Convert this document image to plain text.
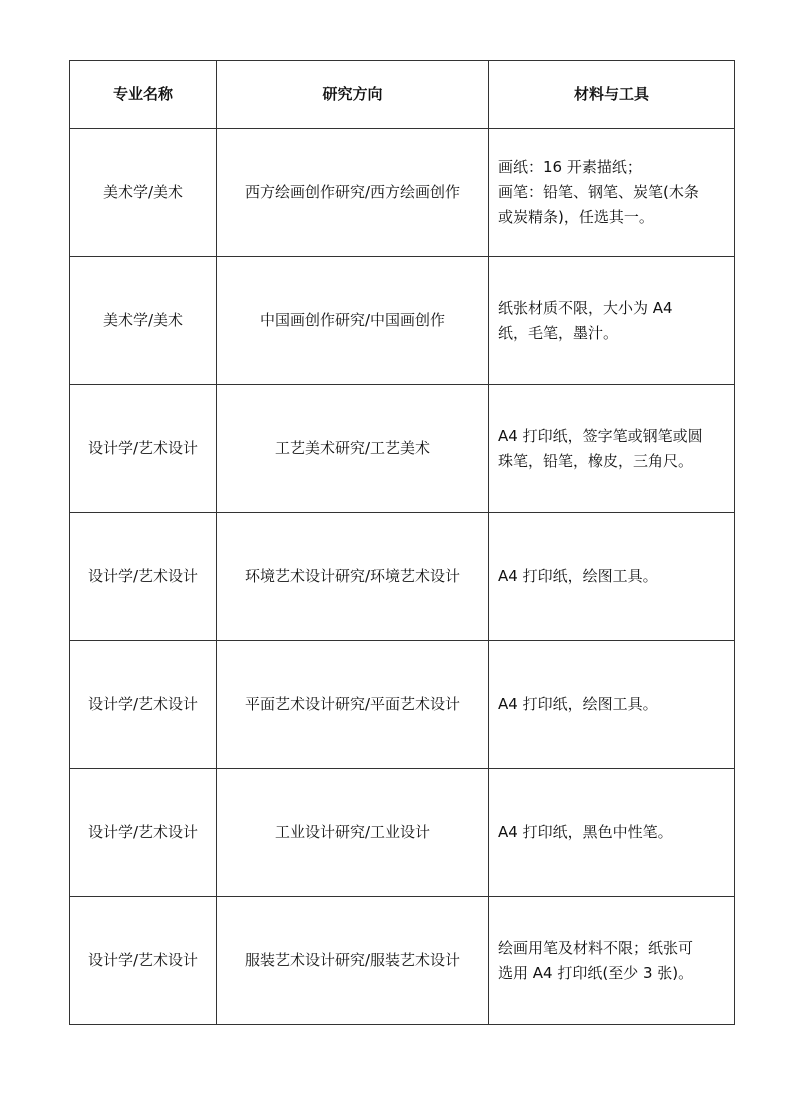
专业名称	研究方向	材料与工具
美术学/美术	西方绘画创作研究/西方绘画创作	画纸：16 开素描纸；
画笔：铅笔、钢笔、炭笔(木条
或炭精条)，任选其一。

美术学/美术	中国画创作研究/中国画创作	纸张材质不限，大小为 A4
纸，毛笔，墨汁。

设计学/艺术设计	工艺美术研究/工艺美术	A4 打印纸，签字笔或钢笔或圆
珠笔，铅笔，橡皮，三角尺。

设计学/艺术设计	环境艺术设计研究/环境艺术设计	A4 打印纸，绘图工具。

设计学/艺术设计	平面艺术设计研究/平面艺术设计	A4 打印纸，绘图工具。

设计学/艺术设计	工业设计研究/工业设计	A4 打印纸，黑色中性笔。

设计学/艺术设计	服装艺术设计研究/服装艺术设计	绘画用笔及材料不限；纸张可
选用 A4 打印纸(至少 3 张)。
